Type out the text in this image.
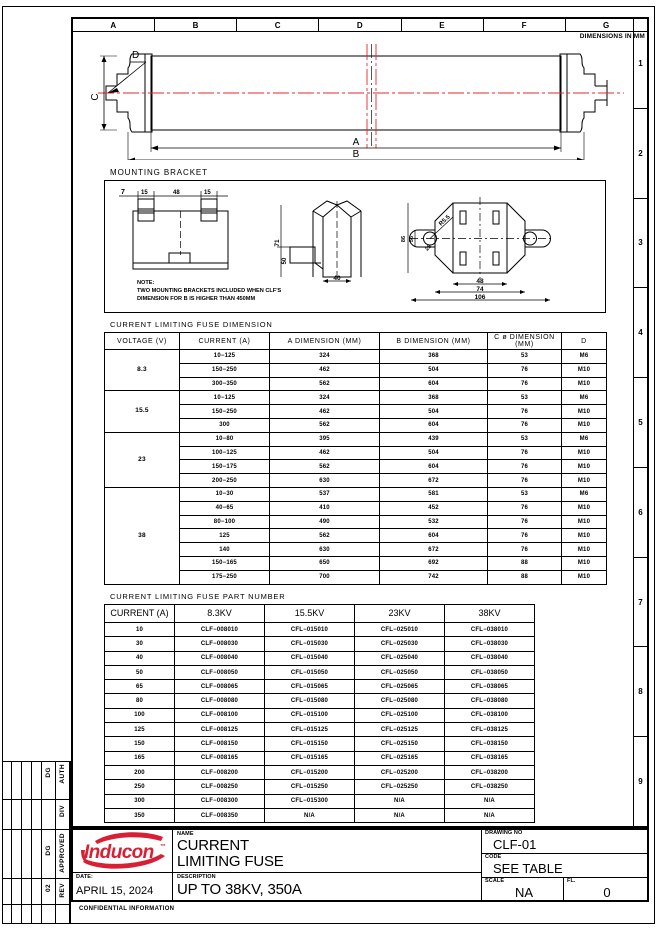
A	B	C	D	E	F	G
1
2
3
4
5
6
7
8
9
DIMENSIONS IN MM
C
D
A
B
MOUNTING BRACKET
7	15	48	15
NOTE:
TWO MOUNTING BRACKETS INCLUDED WHEN CLF'S
DIMENSION FOR B IS HIGHER THAN 450MM
71
50
40
R5.5
25
86 56
48
74
106
CURRENT LIMITING FUSE DIMENSION
VOLTAGE (V)	CURRENT (A)	A DIMENSION (MM)	B DIMENSION (MM)	C ø DIMENSION (MM)	D
8.3	10−125	324	368	53	M6
	150−250	462	504	76	M10
	300−350	562	604	76	M10
15.5	10−125	324	368	53	M6
	150−250	462	504	76	M10
	300	562	604	76	M10
23	10−80	395	439	53	M6
	100−125	462	504	76	M10
	150−175	562	604	76	M10
	200−250	630	672	76	M10
38	10−30	537	581	53	M6
	40−65	410	452	76	M10
	80−100	490	532	76	M10
	125	562	604	76	M10
	140	630	672	76	M10
	150−165	650	692	88	M10
	175−250	700	742	88	M10
CURRENT LIMITING FUSE PART NUMBER
CURRENT (A)	8.3KV	15.5KV	23KV	38KV
10	CLF−008010	CFL−015010	CFL−025010	CFL−038010
30	CLF−008030	CFL−015030	CFL−025030	CFL−038030
40	CLF−008040	CFL−015040	CFL−025040	CFL−038040
50	CLF−008050	CFL−015050	CFL−025050	CFL−038050
65	CLF−008065	CFL−015065	CFL−025065	CFL−038065
80	CLF−008080	CFL−015080	CFL−025080	CFL−038080
100	CLF−008100	CFL−015100	CFL−025100	CFL−038100
125	CLF−008125	CFL−015125	CFL−025125	CFL−038125
150	CLF−008150	CFL−015150	CFL−025150	CFL−038150
165	CLF−008165	CFL−015165	CFL−025165	CFL−038165
200	CLF−008200	CFL−015200	CFL−025200	CFL−038200
250	CLF−008250	CFL−015250	CFL−025250	CFL−038250
300	CLF−008300	CFL−015300	N/A	N/A
350	CLF−008350	N/A	N/A	N/A
DG AUTH
DIV
DG APPROVED
02 REV
Inducon ™
DATE:
APRIL 15, 2024
NAME
CURRENT
LIMITING FUSE
DESCRIPTION
UP TO 38KV, 350A
DRAWING NO
CLF-01
CODE
SEE TABLE
SCALE
NA
FL.
0
CONFIDENTIAL INFORMATION
